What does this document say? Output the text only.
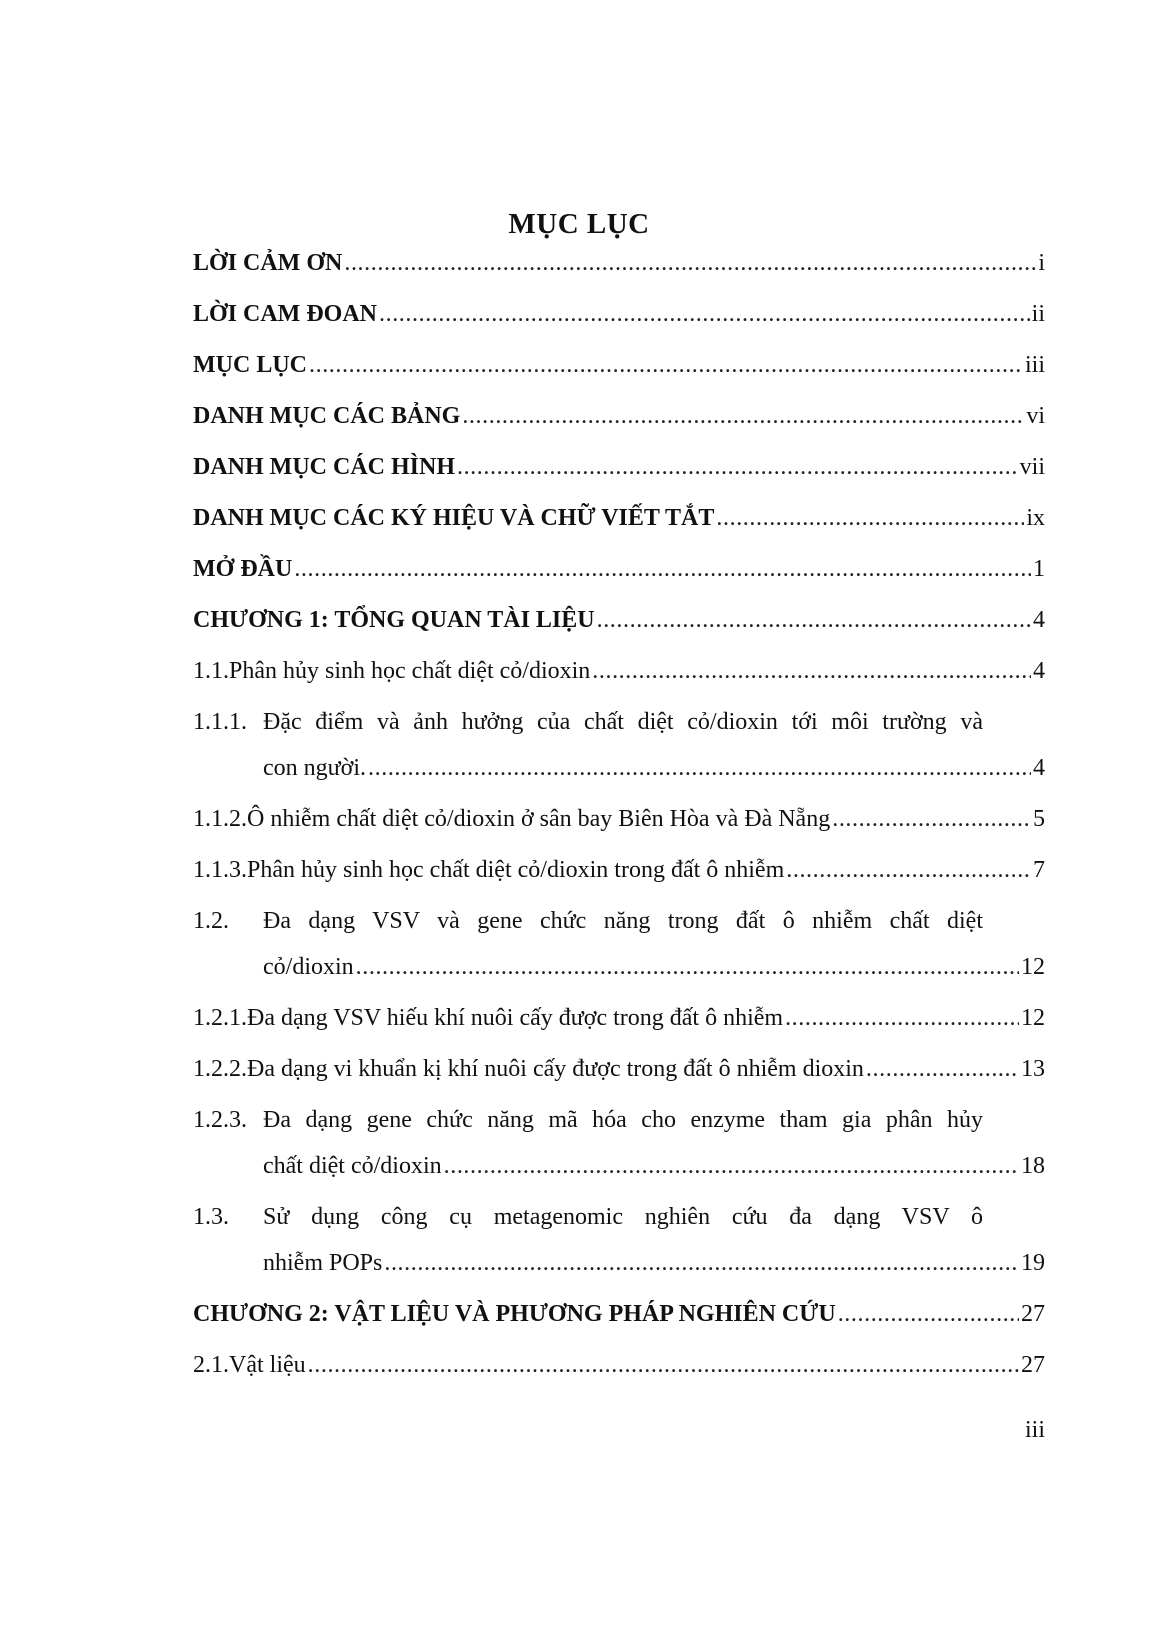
MỤC LỤC
LỜI CẢM ƠN .....	i
LỜI CAM ĐOAN .....	ii
MỤC LỤC .....	iii
DANH MỤC CÁC BẢNG .....	vi
DANH MỤC CÁC HÌNH .....	vii
DANH MỤC CÁC KÝ HIỆU VÀ CHỮ VIẾT TẮT .....	ix
MỞ ĐẦU .....	1
CHƯƠNG 1: TỔNG QUAN TÀI LIỆU .....	4
1.1. Phân hủy sinh học chất diệt cỏ/dioxin .....	4
1.1.1. Đặc điểm và ảnh hưởng của chất diệt cỏ/dioxin tới môi trường và
con người. .....	4
1.1.2. Ô nhiễm chất diệt cỏ/dioxin ở sân bay Biên Hòa và Đà Nẵng .....	5
1.1.3. Phân hủy sinh học chất diệt cỏ/dioxin trong đất ô nhiễm .....	7
1.2.	Đa dạng VSV và gene chức năng trong đất ô nhiễm chất diệt
cỏ/dioxin .....	12
1.2.1. Đa dạng VSV hiếu khí nuôi cấy được trong đất ô nhiễm .....	12
1.2.2. Đa dạng vi khuẩn kị khí nuôi cấy được trong đất ô nhiễm dioxin .....	13
1.2.3. Đa dạng gene chức năng mã hóa cho enzyme tham gia phân hủy
chất diệt cỏ/dioxin .....	18
1.3.	Sử dụng công cụ metagenomic nghiên cứu đa dạng VSV ô
nhiễm POPs .....	19
CHƯƠNG 2: VẬT LIỆU VÀ PHƯƠNG PHÁP NGHIÊN CỨU .....	27
2.1. Vật liệu .....	27
iii
